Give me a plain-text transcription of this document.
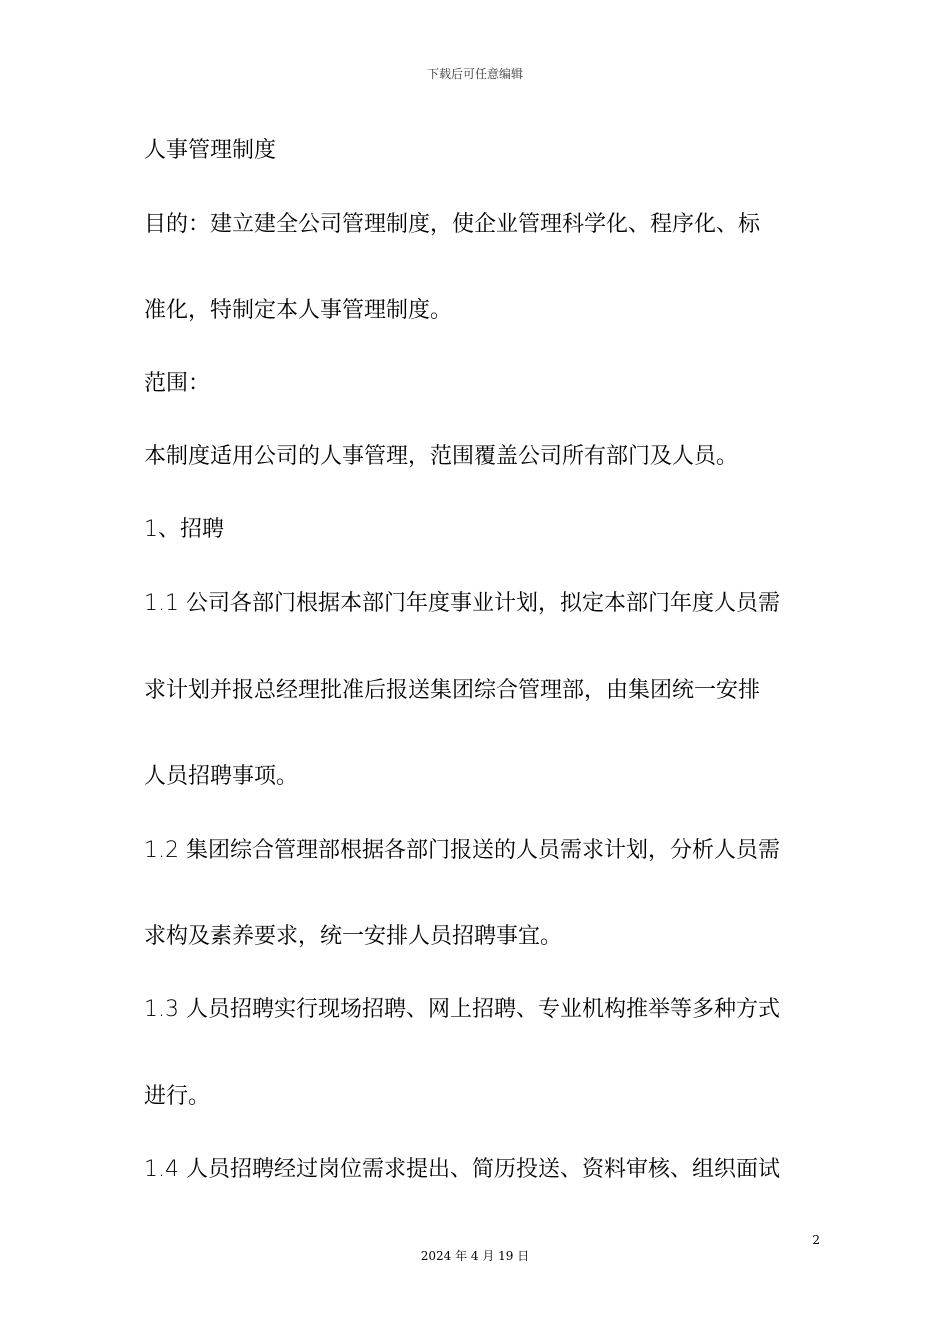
下载后可任意编辑
人事管理制度
目的：建立建全公司管理制度，使企业管理科学化、程序化、标
准化，特制定本人事管理制度。
范围：
本制度适用公司的人事管理，范围覆盖公司所有部门及人员。
1、招聘
1.1 公司各部门根据本部门年度事业计划，拟定本部门年度人员需
求计划并报总经理批准后报送集团综合管理部，由集团统一安排
人员招聘事项。
1.2 集团综合管理部根据各部门报送的人员需求计划，分析人员需
求构及素养要求，统一安排人员招聘事宜。
1.3 人员招聘实行现场招聘、网上招聘、专业机构推举等多种方式
进行。
1.4 人员招聘经过岗位需求提出、简历投送、资料审核、组织面试
2
2024 年 4 月 19 日
